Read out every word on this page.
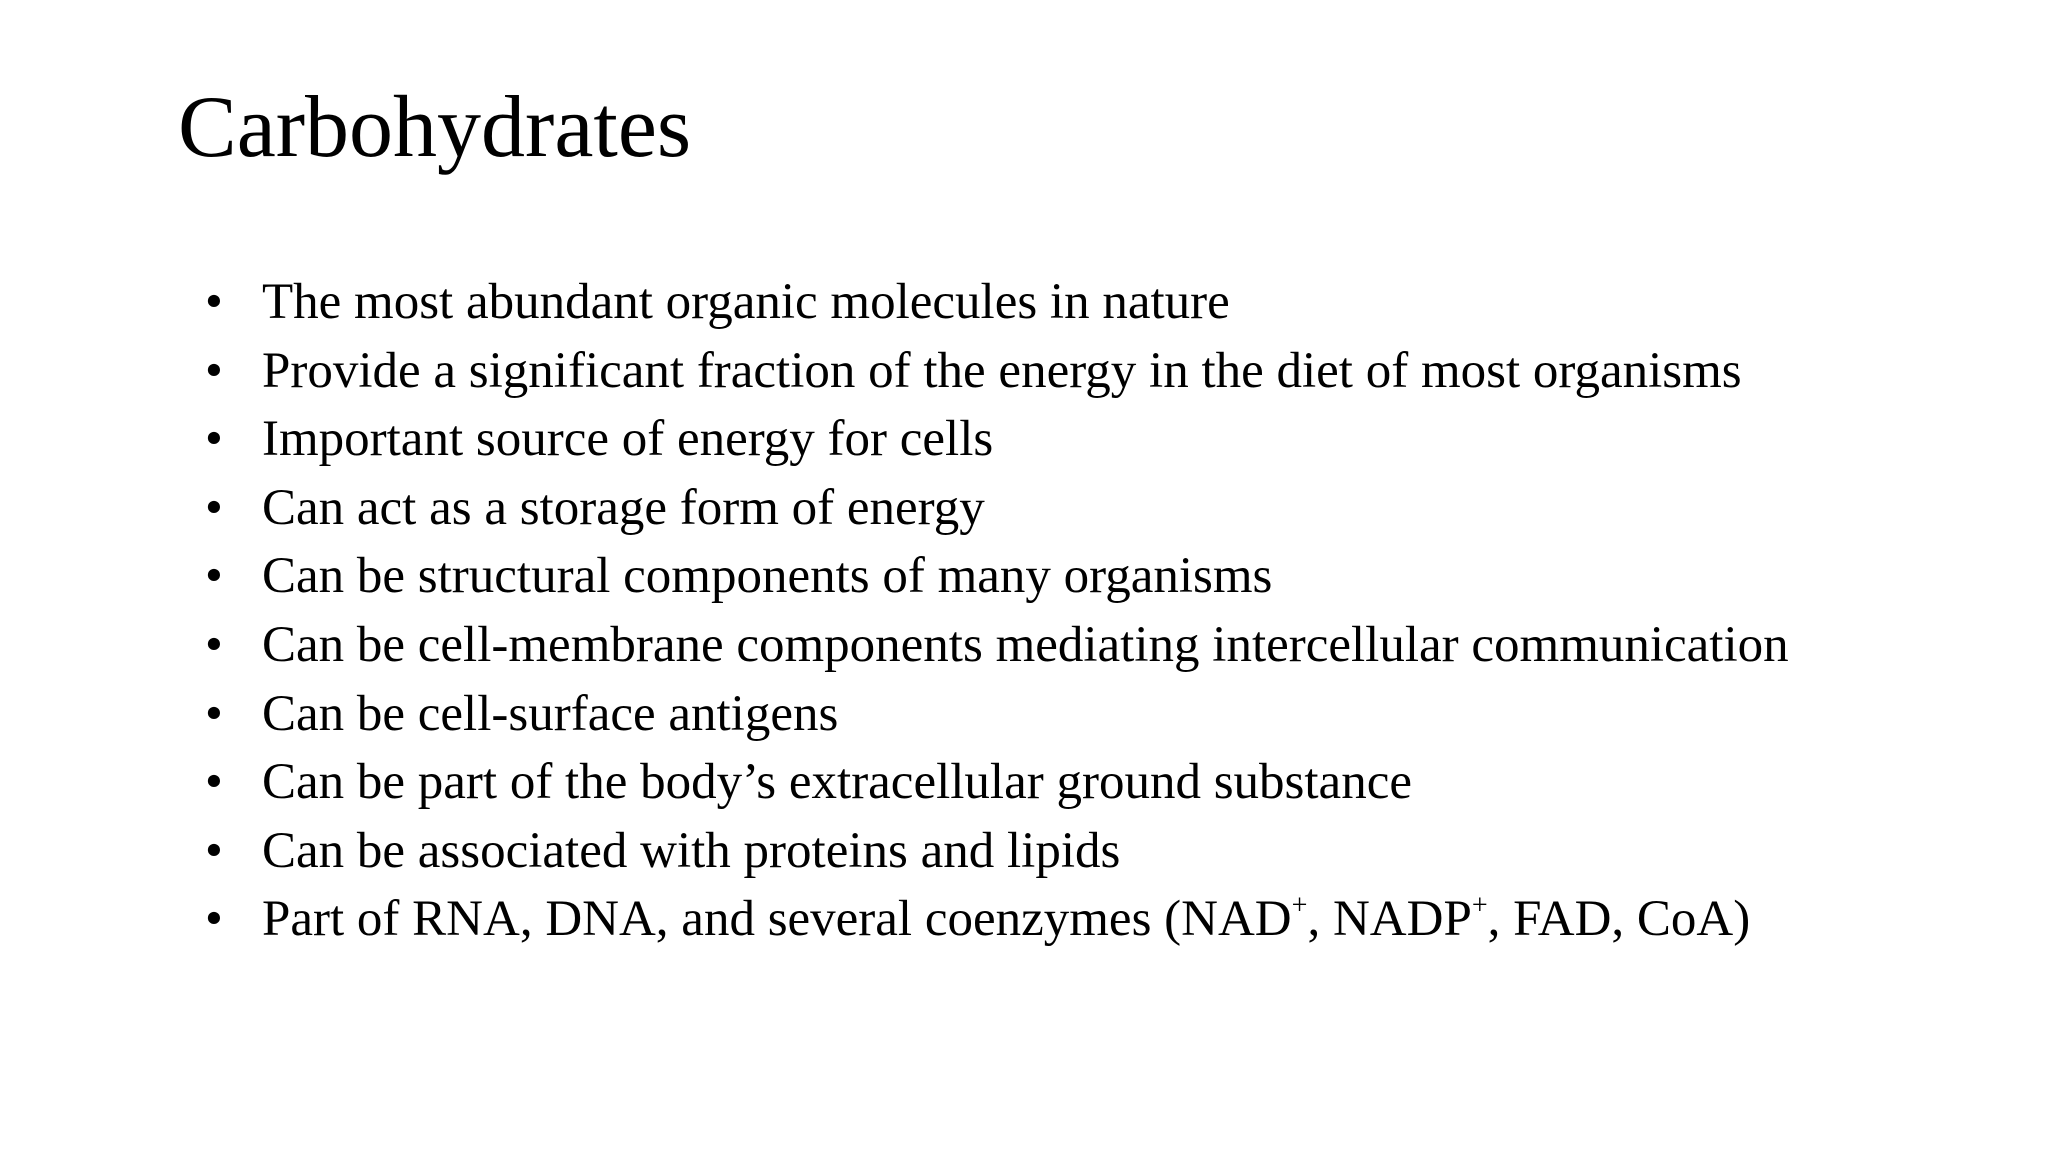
Carbohydrates
• The most abundant organic molecules in nature
• Provide a significant fraction of the energy in the diet of most organisms
• Important source of energy for cells
• Can act as a storage form of energy
• Can be structural components of many organisms
• Can be cell-membrane components mediating intercellular communication
• Can be cell-surface antigens
• Can be part of the body’s extracellular ground substance
• Can be associated with proteins and lipids
• Part of RNA, DNA, and several coenzymes (NAD+, NADP+, FAD, CoA)
